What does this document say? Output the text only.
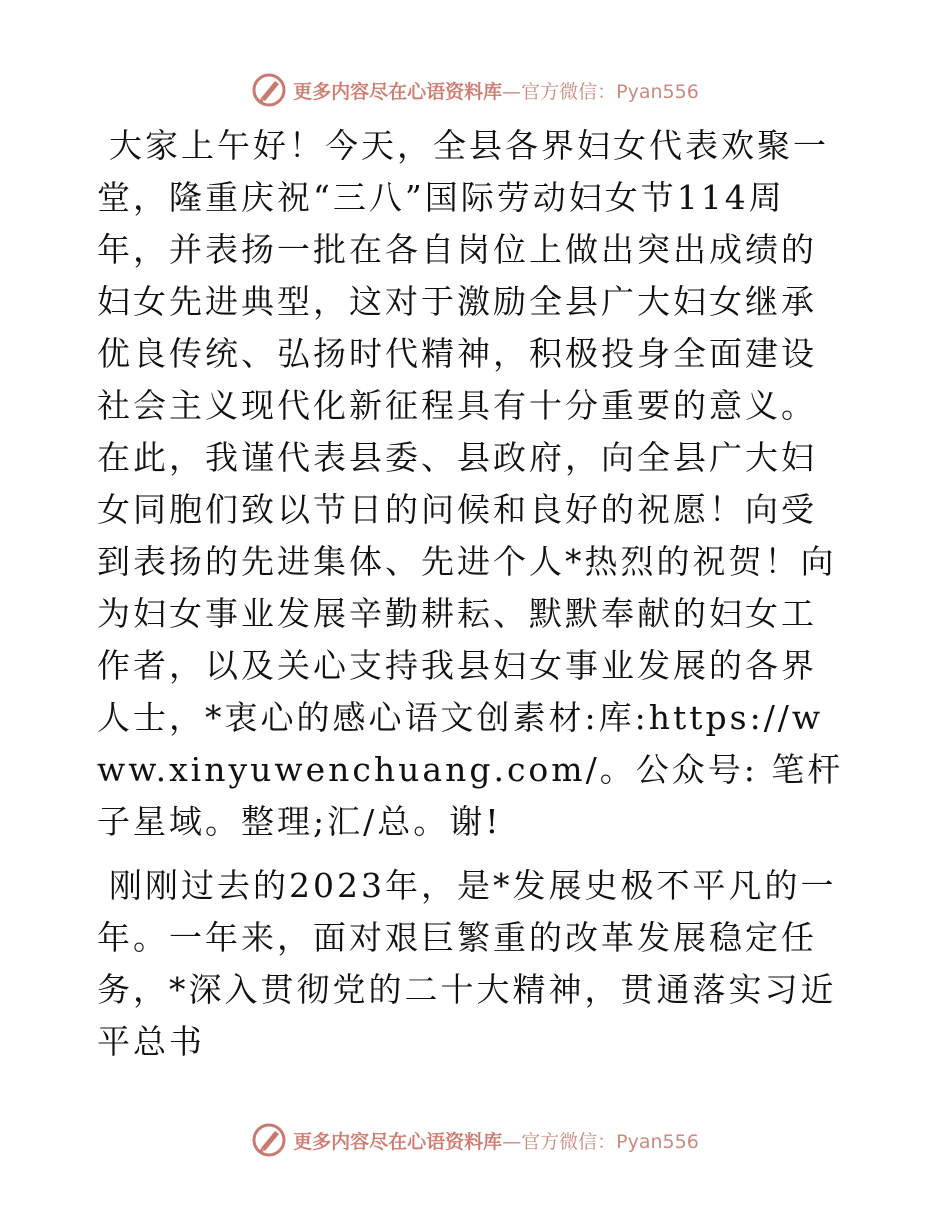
更多内容尽在心语资料库—官方微信：Pyan556

大家上午好！今天，全县各界妇女代表欢聚一堂，隆重庆祝“三八”国际劳动妇女节114周年，并表扬一批在各自岗位上做出突出成绩的妇女先进典型，这对于激励全县广大妇女继承优良传统、弘扬时代精神，积极投身全面建设社会主义现代化新征程具有十分重要的意义。在此，我谨代表县委、县政府，向全县广大妇女同胞们致以节日的问候和良好的祝愿！向受到表扬的先进集体、先进个人*热烈的祝贺！向为妇女事业发展辛勤耕耘、默默奉献的妇女工作者，以及关心支持我县妇女事业发展的各界人士，*衷心的感心语文创素材:库:https://www.xinyuwenchuang.com/。公众号: 笔杆子星域。整理;汇/总。谢!

刚刚过去的2023年，是*发展史极不平凡的一年。一年来，面对艰巨繁重的改革发展稳定任务，*深入贯彻党的二十大精神，贯通落实习近平总书

更多内容尽在心语资料库—官方微信：Pyan556
